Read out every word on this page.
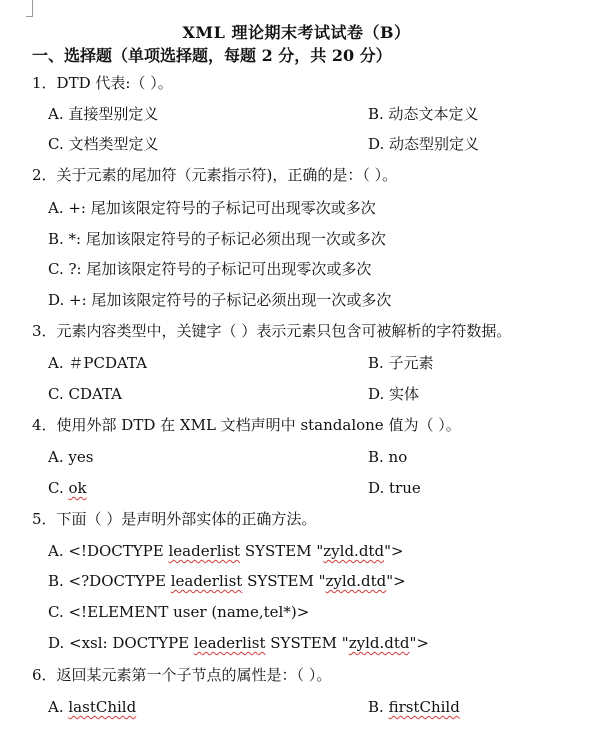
XML 理论期末考试试卷（B）
一、选择题（单项选择题，每题 2 分，共 20 分）
1．DTD 代表:（ ）。
A. 直接型别定义	B. 动态文本定义
C. 文档类型定义	D. 动态型别定义
2．关于元素的尾加符（元素指示符)，正确的是：（ ）。
A. +: 尾加该限定符号的子标记可出现零次或多次
B. *: 尾加该限定符号的子标记必须出现一次或多次
C. ?: 尾加该限定符号的子标记可出现零次或多次
D. +: 尾加该限定符号的子标记必须出现一次或多次
3．元素内容类型中，关键字（ ）表示元素只包含可被解析的字符数据。
A. ＃PCDATA	B. 子元素
C. CDATA	D. 实体
4．使用外部 DTD 在 XML 文档声明中 standalone 值为（ ）。
A. yes	B. no
C. ok	D. true
5．下面（ ）是声明外部实体的正确方法。
A. <!DOCTYPE leaderlist SYSTEM "zyld.dtd">
B. <?DOCTYPE leaderlist SYSTEM "zyld.dtd">
C. <!ELEMENT user (name,tel*)>
D. <xsl: DOCTYPE leaderlist SYSTEM "zyld.dtd">
6．返回某元素第一个子节点的属性是：（ ）。
A. lastChild	B. firstChild
